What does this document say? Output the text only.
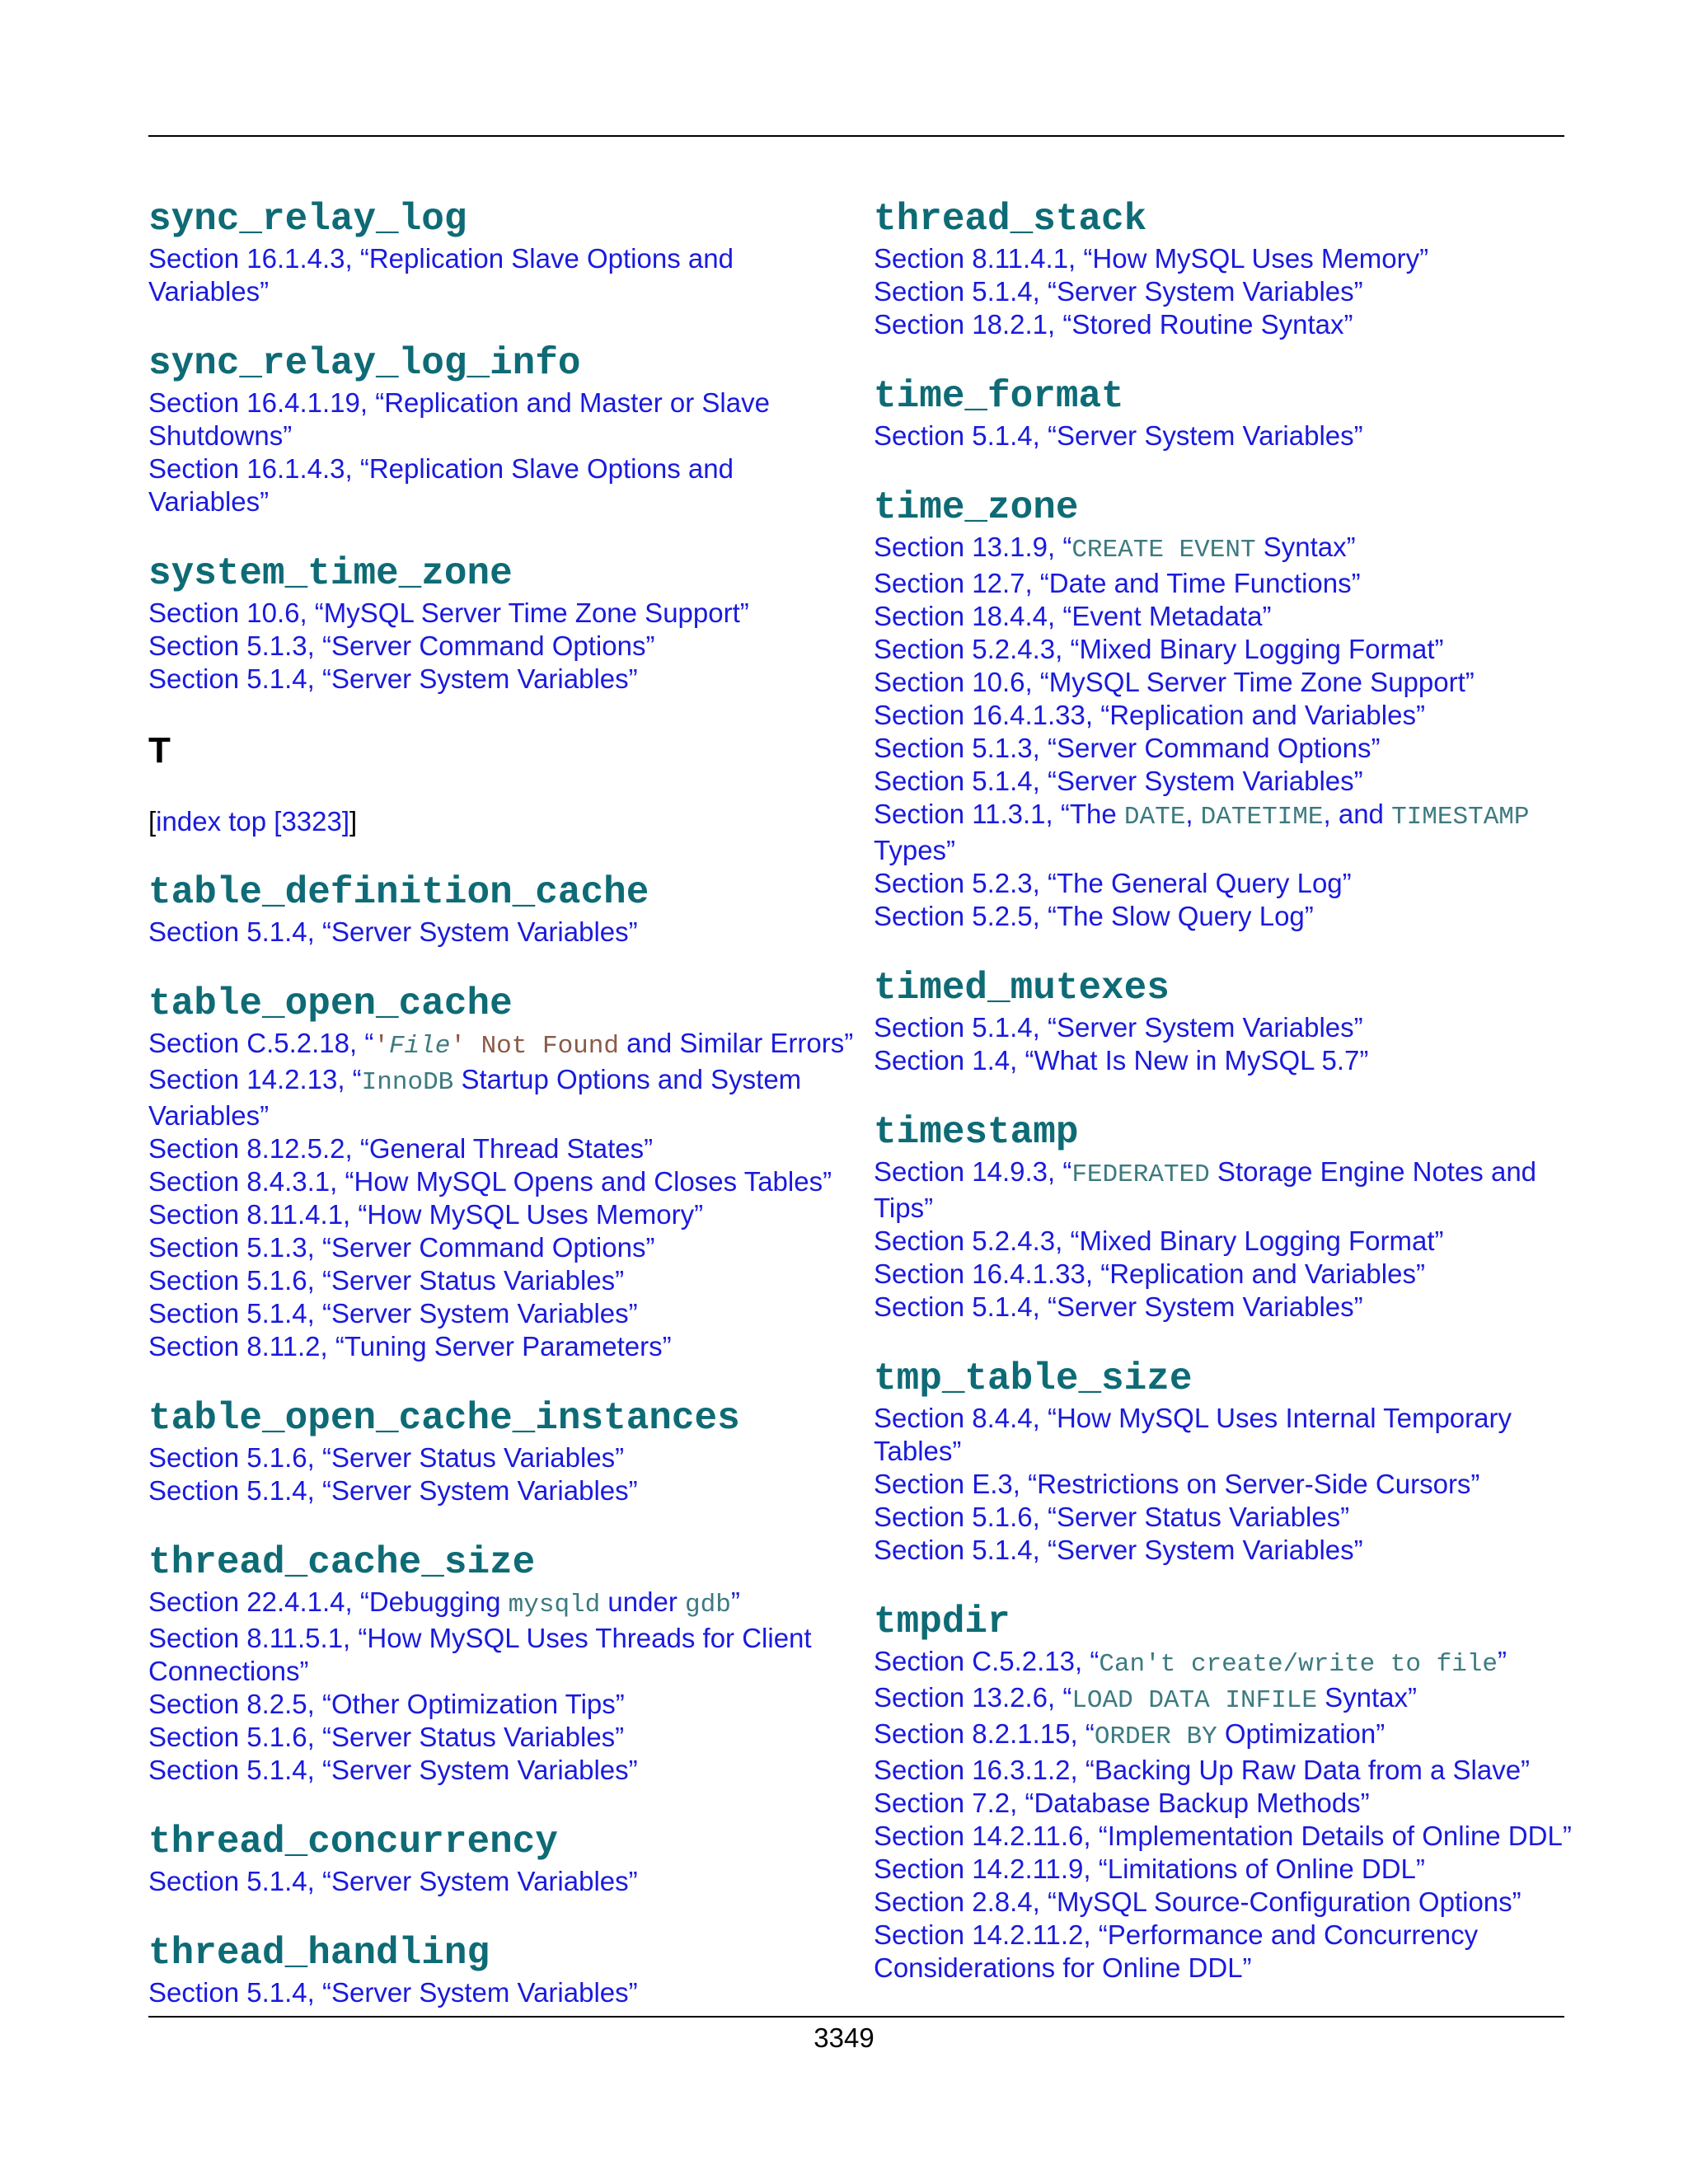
sync_relay_log
Section 16.1.4.3, “Replication Slave Options and Variables”
sync_relay_log_info
Section 16.4.1.19, “Replication and Master or Slave Shutdowns”
Section 16.1.4.3, “Replication Slave Options and Variables”
system_time_zone
Section 10.6, “MySQL Server Time Zone Support”
Section 5.1.3, “Server Command Options”
Section 5.1.4, “Server System Variables”
T
[index top [3323]]
table_definition_cache
Section 5.1.4, “Server System Variables”
table_open_cache
Section C.5.2.18, “'File' Not Found and Similar Errors”
Section 14.2.13, “InnoDB Startup Options and System Variables”
Section 8.12.5.2, “General Thread States”
Section 8.4.3.1, “How MySQL Opens and Closes Tables”
Section 8.11.4.1, “How MySQL Uses Memory”
Section 5.1.3, “Server Command Options”
Section 5.1.6, “Server Status Variables”
Section 5.1.4, “Server System Variables”
Section 8.11.2, “Tuning Server Parameters”
table_open_cache_instances
Section 5.1.6, “Server Status Variables”
Section 5.1.4, “Server System Variables”
thread_cache_size
Section 22.4.1.4, “Debugging mysqld under gdb”
Section 8.11.5.1, “How MySQL Uses Threads for Client Connections”
Section 8.2.5, “Other Optimization Tips”
Section 5.1.6, “Server Status Variables”
Section 5.1.4, “Server System Variables”
thread_concurrency
Section 5.1.4, “Server System Variables”
thread_handling
Section 5.1.4, “Server System Variables”
thread_stack
Section 8.11.4.1, “How MySQL Uses Memory”
Section 5.1.4, “Server System Variables”
Section 18.2.1, “Stored Routine Syntax”
time_format
Section 5.1.4, “Server System Variables”
time_zone
Section 13.1.9, “CREATE EVENT Syntax”
Section 12.7, “Date and Time Functions”
Section 18.4.4, “Event Metadata”
Section 5.2.4.3, “Mixed Binary Logging Format”
Section 10.6, “MySQL Server Time Zone Support”
Section 16.4.1.33, “Replication and Variables”
Section 5.1.3, “Server Command Options”
Section 5.1.4, “Server System Variables”
Section 11.3.1, “The DATE, DATETIME, and TIMESTAMP Types”
Section 5.2.3, “The General Query Log”
Section 5.2.5, “The Slow Query Log”
timed_mutexes
Section 5.1.4, “Server System Variables”
Section 1.4, “What Is New in MySQL 5.7”
timestamp
Section 14.9.3, “FEDERATED Storage Engine Notes and Tips”
Section 5.2.4.3, “Mixed Binary Logging Format”
Section 16.4.1.33, “Replication and Variables”
Section 5.1.4, “Server System Variables”
tmp_table_size
Section 8.4.4, “How MySQL Uses Internal Temporary Tables”
Section E.3, “Restrictions on Server-Side Cursors”
Section 5.1.6, “Server Status Variables”
Section 5.1.4, “Server System Variables”
tmpdir
Section C.5.2.13, “Can't create/write to file”
Section 13.2.6, “LOAD DATA INFILE Syntax”
Section 8.2.1.15, “ORDER BY Optimization”
Section 16.3.1.2, “Backing Up Raw Data from a Slave”
Section 7.2, “Database Backup Methods”
Section 14.2.11.6, “Implementation Details of Online DDL”
Section 14.2.11.9, “Limitations of Online DDL”
Section 2.8.4, “MySQL Source-Configuration Options”
Section 14.2.11.2, “Performance and Concurrency Considerations for Online DDL”
3349
